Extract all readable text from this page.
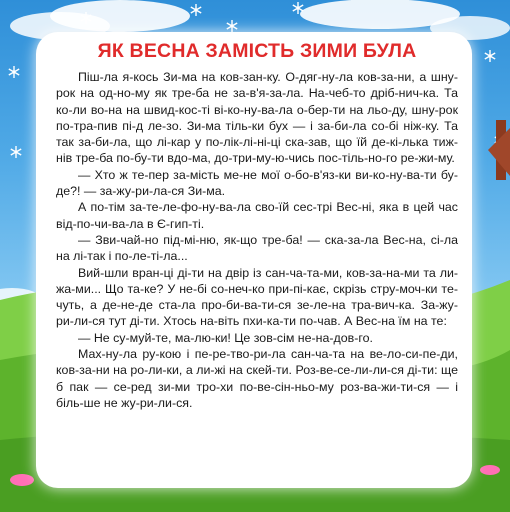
ЯК ВЕСНА ЗАМІСТЬ ЗИМИ БУЛА

Піш-ла я-кось Зи-ма на ков-зан-ку. О-дяг-ну-ла ков-за-ни, а шну-рок на од-но-му як тре-ба не за-в'я-за-ла. На-чеб-то дріб-нич-ка. Та ко-ли во-на на швид-кос-ті ві-ко-ну-ва-ла о-бер-ти на льо-ду, шну-рок по-тра-пив пі-д ле-зо. Зи-ма тіль-ки бух — і за-би-ла со-бі ніж-ку. Та так за-би-ла, що лі-кар у по-лік-лі-ні-ці ска-зав, що їй де-кі-лька тиж-нів тре-ба по-бу-ти вдо-ма, до-три-му-ю-чись пос-тіль-но-го ре-жи-му.

— Хто ж те-пер за-мість ме-не мої о-бо-в'яз-ки ви-ко-ну-ва-ти бу-де?! — за-жу-ри-ла-ся Зи-ма.

А по-тім за-те-ле-фо-ну-ва-ла сво-їй сес-трі Вес-ні, яка в цей час від-по-чи-ва-ла в Є-гип-ті.

— Зви-чай-но під-мі-ню, як-що тре-ба! — ска-за-ла Вес-на, сі-ла на лі-так і по-ле-ті-ла...

Вий-шли вран-ці ді-ти на двір із сан-ча-та-ми, ков-за-на-ми та ли-жа-ми... Що та-ке? У не-бі со-неч-ко при-пі-кає, скрізь стру-моч-ки те-чуть, а де-не-де ста-ла про-би-ва-ти-ся зе-ле-на тра-вич-ка. За-жу-ри-ли-ся тут ді-ти. Хтось на-віть пхи-ка-ти по-чав. А Вес-на їм на те:

— Не су-муй-те, ма-лю-ки! Це зов-сім не-на-дов-го.

Мах-ну-ла ру-кою і пе-ре-тво-ри-ла сан-ча-та на ве-ло-си-пе-ди, ков-за-ни на ро-ли-ки, а ли-жі на скей-ти. Роз-ве-се-ли-ли-ся ді-ти: ще б пак — се-ред зи-ми тро-хи по-ве-сін-ньо-му роз-ва-жи-ти-ся — і біль-ше не жу-ри-ли-ся.
